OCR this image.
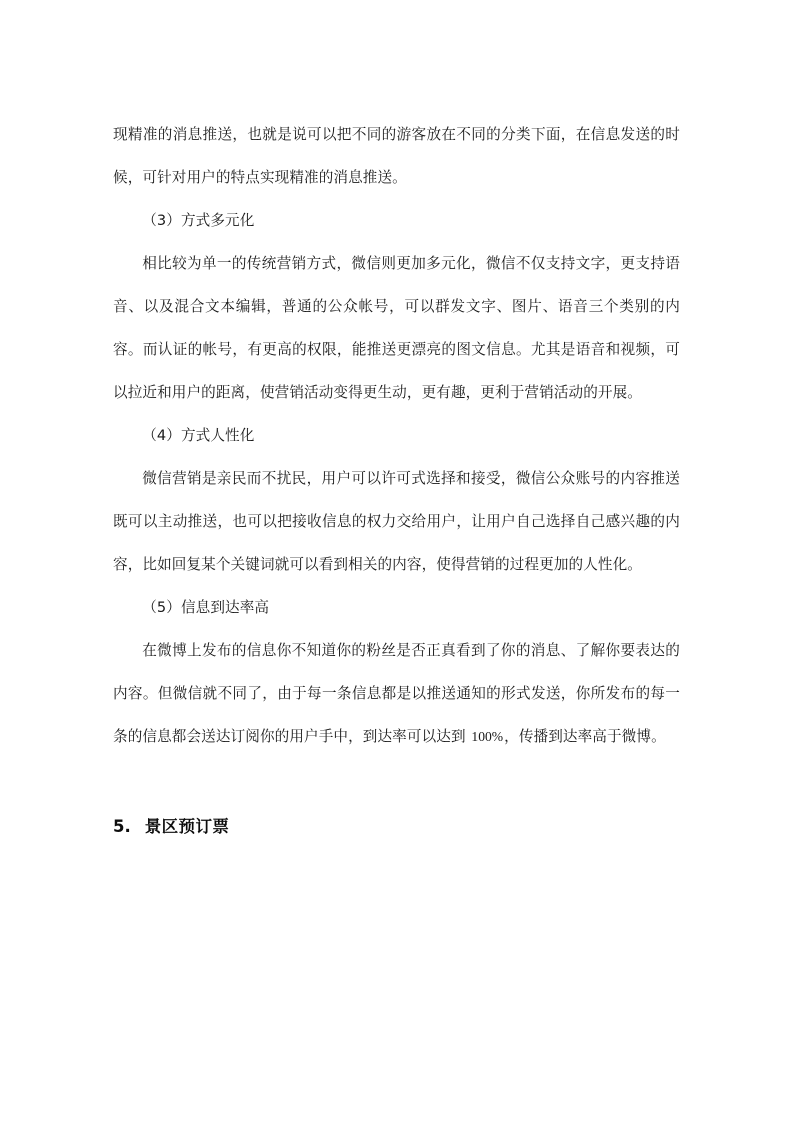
现精准的消息推送，也就是说可以把不同的游客放在不同的分类下面，在信息发送的时候，可针对用户的特点实现精准的消息推送。

（3）方式多元化

相比较为单一的传统营销方式，微信则更加多元化，微信不仅支持文字，更支持语音、以及混合文本编辑，普通的公众帐号，可以群发文字、图片、语音三个类别的内容。而认证的帐号，有更高的权限，能推送更漂亮的图文信息。尤其是语音和视频，可以拉近和用户的距离，使营销活动变得更生动，更有趣，更利于营销活动的开展。

（4）方式人性化

微信营销是亲民而不扰民，用户可以许可式选择和接受，微信公众账号的内容推送既可以主动推送，也可以把接收信息的权力交给用户，让用户自己选择自己感兴趣的内容，比如回复某个关键词就可以看到相关的内容，使得营销的过程更加的人性化。

（5）信息到达率高

在微博上发布的信息你不知道你的粉丝是否正真看到了你的消息、了解你要表达的内容。但微信就不同了，由于每一条信息都是以推送通知的形式发送，你所发布的每一条的信息都会送达订阅你的用户手中，到达率可以达到 100%，传播到达率高于微博。

5. 景区预订票
